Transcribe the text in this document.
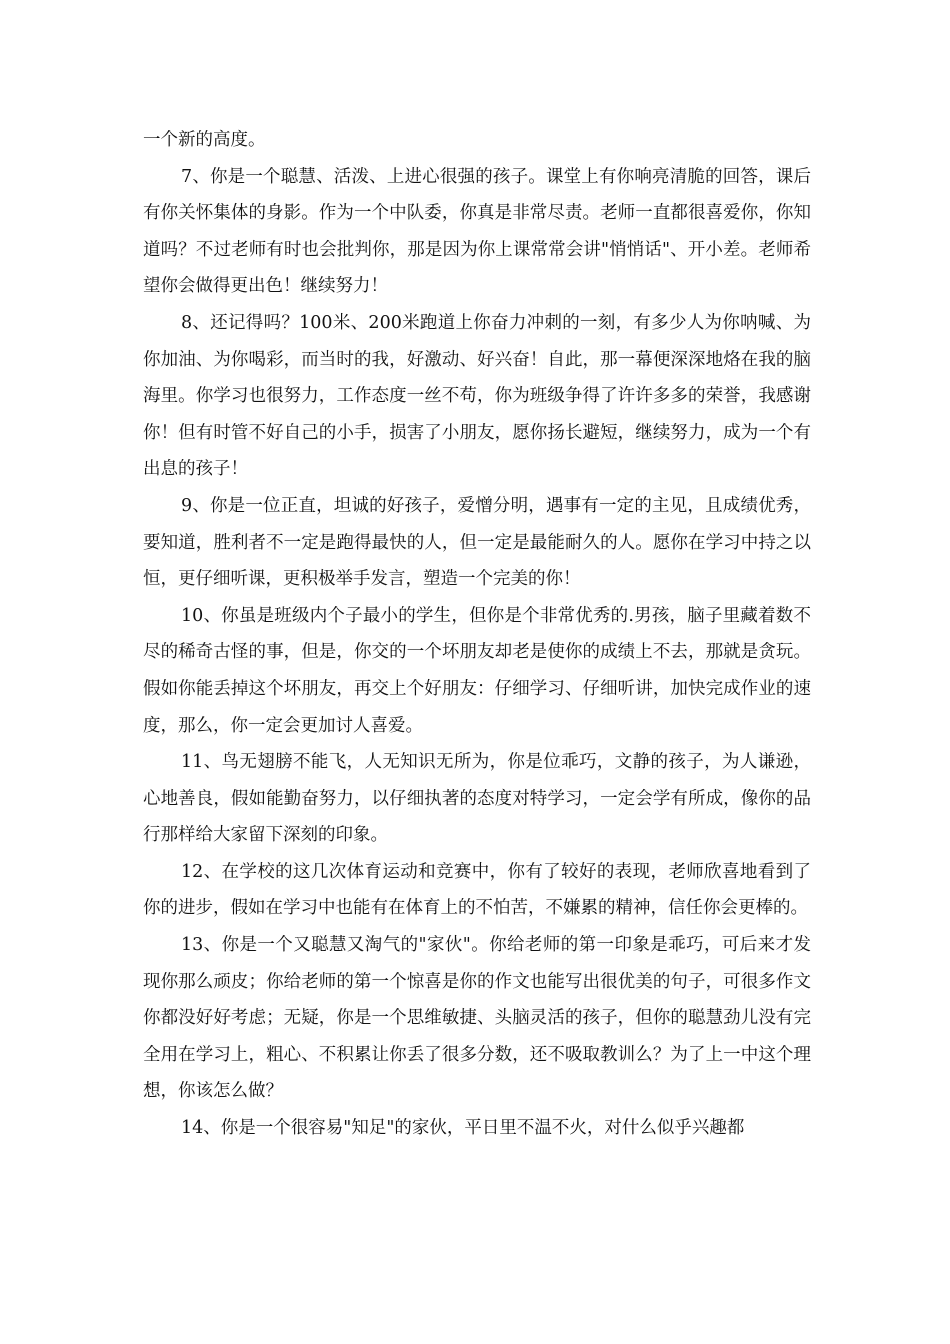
一个新的高度。

7、你是一个聪慧、活泼、上进心很强的孩子。课堂上有你响亮清脆的回答，课后有你关怀集体的身影。作为一个中队委，你真是非常尽责。老师一直都很喜爱你，你知道吗？不过老师有时也会批判你，那是因为你上课常常会讲"悄悄话"、开小差。老师希望你会做得更出色！继续努力！

8、还记得吗？100米、200米跑道上你奋力冲刺的一刻，有多少人为你呐喊、为你加油、为你喝彩，而当时的我，好激动、好兴奋！自此，那一幕便深深地烙在我的脑海里。你学习也很努力，工作态度一丝不苟，你为班级争得了许许多多的荣誉，我感谢你！但有时管不好自己的小手，损害了小朋友，愿你扬长避短，继续努力，成为一个有出息的孩子！

9、你是一位正直，坦诚的好孩子，爱憎分明，遇事有一定的主见，且成绩优秀，要知道，胜利者不一定是跑得最快的人，但一定是最能耐久的人。愿你在学习中持之以恒，更仔细听课，更积极举手发言，塑造一个完美的你！

10、你虽是班级内个子最小的学生，但你是个非常优秀的.男孩，脑子里藏着数不尽的稀奇古怪的事，但是，你交的一个坏朋友却老是使你的成绩上不去，那就是贪玩。假如你能丢掉这个坏朋友，再交上个好朋友：仔细学习、仔细听讲，加快完成作业的速度，那么，你一定会更加讨人喜爱。

11、鸟无翅膀不能飞，人无知识无所为，你是位乖巧，文静的孩子，为人谦逊，心地善良，假如能勤奋努力，以仔细执著的态度对特学习，一定会学有所成，像你的品行那样给大家留下深刻的印象。

12、在学校的这几次体育运动和竞赛中，你有了较好的表现，老师欣喜地看到了你的进步，假如在学习中也能有在体育上的不怕苦，不嫌累的精神，信任你会更棒的。

13、你是一个又聪慧又淘气的"家伙"。你给老师的第一印象是乖巧，可后来才发现你那么顽皮；你给老师的第一个惊喜是你的作文也能写出很优美的句子，可很多作文你都没好好考虑；无疑，你是一个思维敏捷、头脑灵活的孩子，但你的聪慧劲儿没有完全用在学习上，粗心、不积累让你丢了很多分数，还不吸取教训么？为了上一中这个理想，你该怎么做？

14、你是一个很容易"知足"的家伙，平日里不温不火，对什么似乎兴趣都
